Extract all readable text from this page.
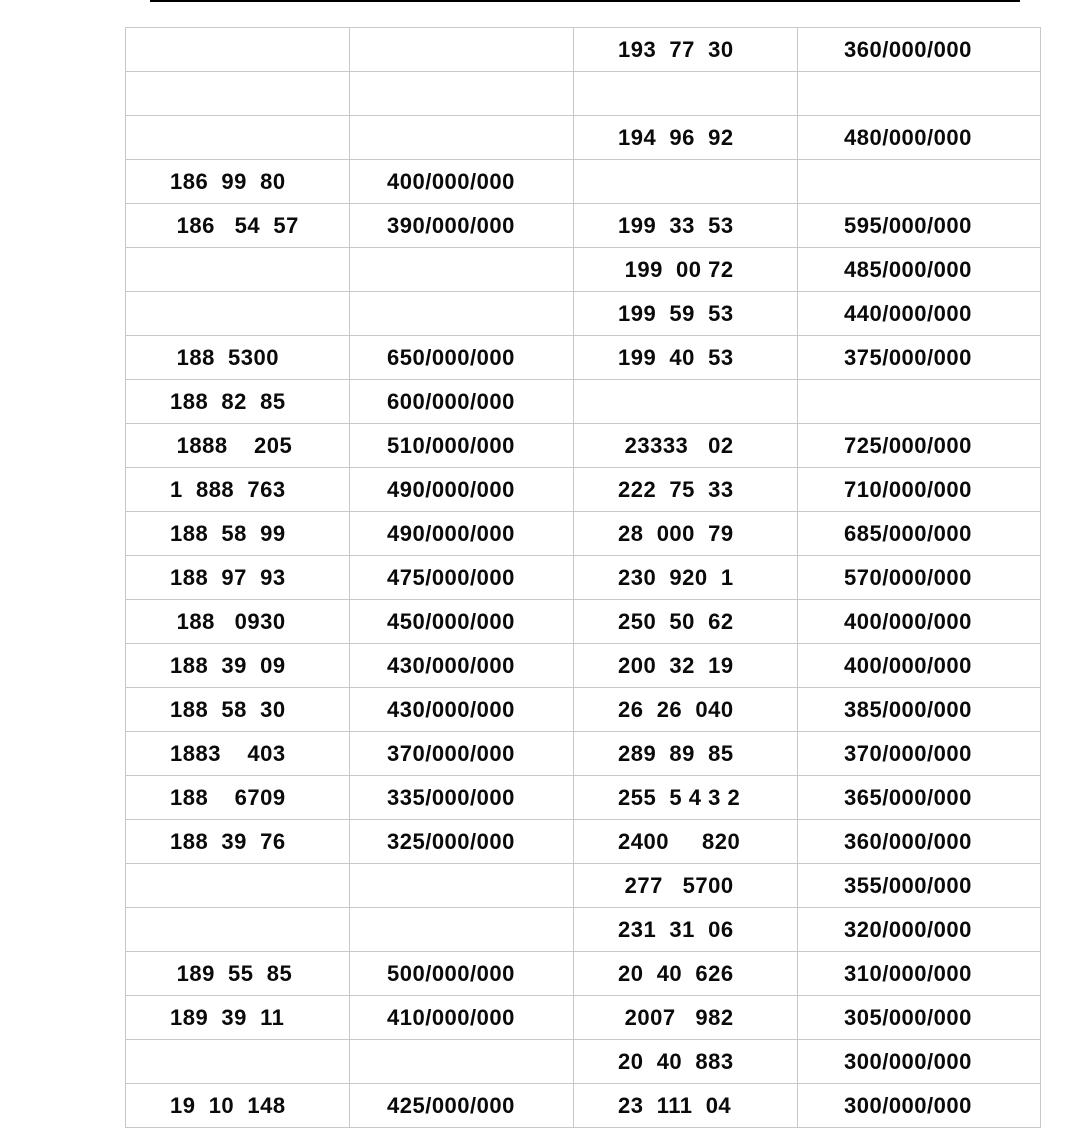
		193  77  30	360/000/000

		194  96  92	480/000/000

186  99  80	400/000/000		

186   54  57	390/000/000	199  33  53	595/000/000

		199  00 72	485/000/000

		199  59  53	440/000/000

188  5300	650/000/000	199  40  53	375/000/000

188  82  85	600/000/000		

1888    205	510/000/000	23333   02	725/000/000

1  888  763	490/000/000	222  75  33	710/000/000

188  58  99	490/000/000	28  000  79	685/000/000

188  97  93	475/000/000	230  920  1	570/000/000

188   0930	450/000/000	250  50  62	400/000/000

188  39  09	430/000/000	200  32  19	400/000/000

188  58  30	430/000/000	26  26  040	385/000/000

1883    403	370/000/000	289  89  85	370/000/000

188    6709	335/000/000	255  5 4 3 2	365/000/000

188  39  76	325/000/000	2400     820	360/000/000

		277   5700	355/000/000

		231  31  06	320/000/000

189  55  85	500/000/000	20  40  626	310/000/000

189  39  11	410/000/000	2007   982	305/000/000

		20  40  883	300/000/000

19  10  148	425/000/000	23  111  04	300/000/000
